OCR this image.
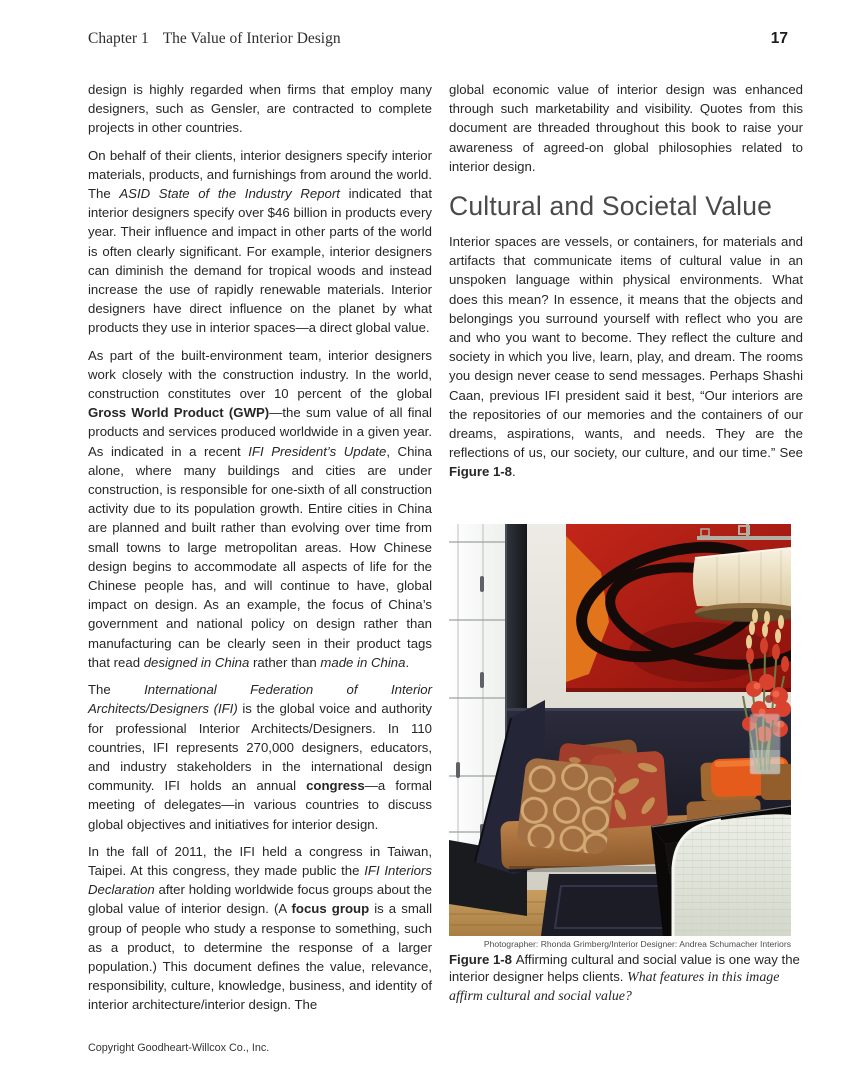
Chapter 1 The Value of Interior Design	17

design is highly regarded when firms that employ many designers, such as Gensler, are contracted to complete projects in other countries.

On behalf of their clients, interior designers specify interior materials, products, and furnishings from around the world. The ASID State of the Industry Report indicated that interior designers specify over $46 billion in products every year. Their influence and impact in other parts of the world is often clearly significant. For example, interior designers can diminish the demand for tropical woods and instead increase the use of rapidly renewable materials. Interior designers have direct influence on the planet by what products they use in interior spaces—a direct global value.

As part of the built-environment team, interior designers work closely with the construction industry. In the world, construction constitutes over 10 percent of the global Gross World Product (GWP)—the sum value of all final products and services produced worldwide in a given year. As indicated in a recent IFI President’s Update, China alone, where many buildings and cities are under construction, is responsible for one-sixth of all construction activity due to its population growth. Entire cities in China are planned and built rather than evolving over time from small towns to large metropolitan areas. How Chinese design begins to accommodate all aspects of life for the Chinese people has, and will continue to have, global impact on design. As an example, the focus of China’s government and national policy on design rather than manufacturing can be clearly seen in their product tags that read designed in China rather than made in China.

The International Federation of Interior Architects/Designers (IFI) is the global voice and authority for professional Interior Architects/Designers. In 110 countries, IFI represents 270,000 designers, educators, and industry stakeholders in the international design community. IFI holds an annual congress—a formal meeting of delegates—in various countries to discuss global objectives and initiatives for interior design.

In the fall of 2011, the IFI held a congress in Taiwan, Taipei. At this congress, they made public the IFI Interiors Declaration after holding worldwide focus groups about the global value of interior design. (A focus group is a small group of people who study a response to something, such as a product, to determine the response of a larger population.) This document defines the value, relevance, responsibility, culture, knowledge, business, and identity of interior architecture/interior design. The

global economic value of interior design was enhanced through such marketability and visibility. Quotes from this document are threaded throughout this book to raise your awareness of agreed-on global philosophies related to interior design.

Cultural and Societal Value

Interior spaces are vessels, or containers, for materials and artifacts that communicate items of cultural value in an unspoken language within physical environments. What does this mean? In essence, it means that the objects and belongings you surround yourself with reflect who you are and who you want to become. They reflect the culture and society in which you live, learn, play, and dream. The rooms you design never cease to send messages. Perhaps Shashi Caan, previous IFI president said it best, “Our interiors are the repositories of our memories and the containers of our dreams, aspirations, wants, and needs. They are the reflections of us, our society, our culture, and our time.” See Figure 1-8.

Photographer: Rhonda Grimberg/Interior Designer: Andrea Schumacher Interiors
Figure 1-8 Affirming cultural and social value is one way the interior designer helps clients. What features in this image affirm cultural and social value?
Copyright Goodheart-Willcox Co., Inc.
